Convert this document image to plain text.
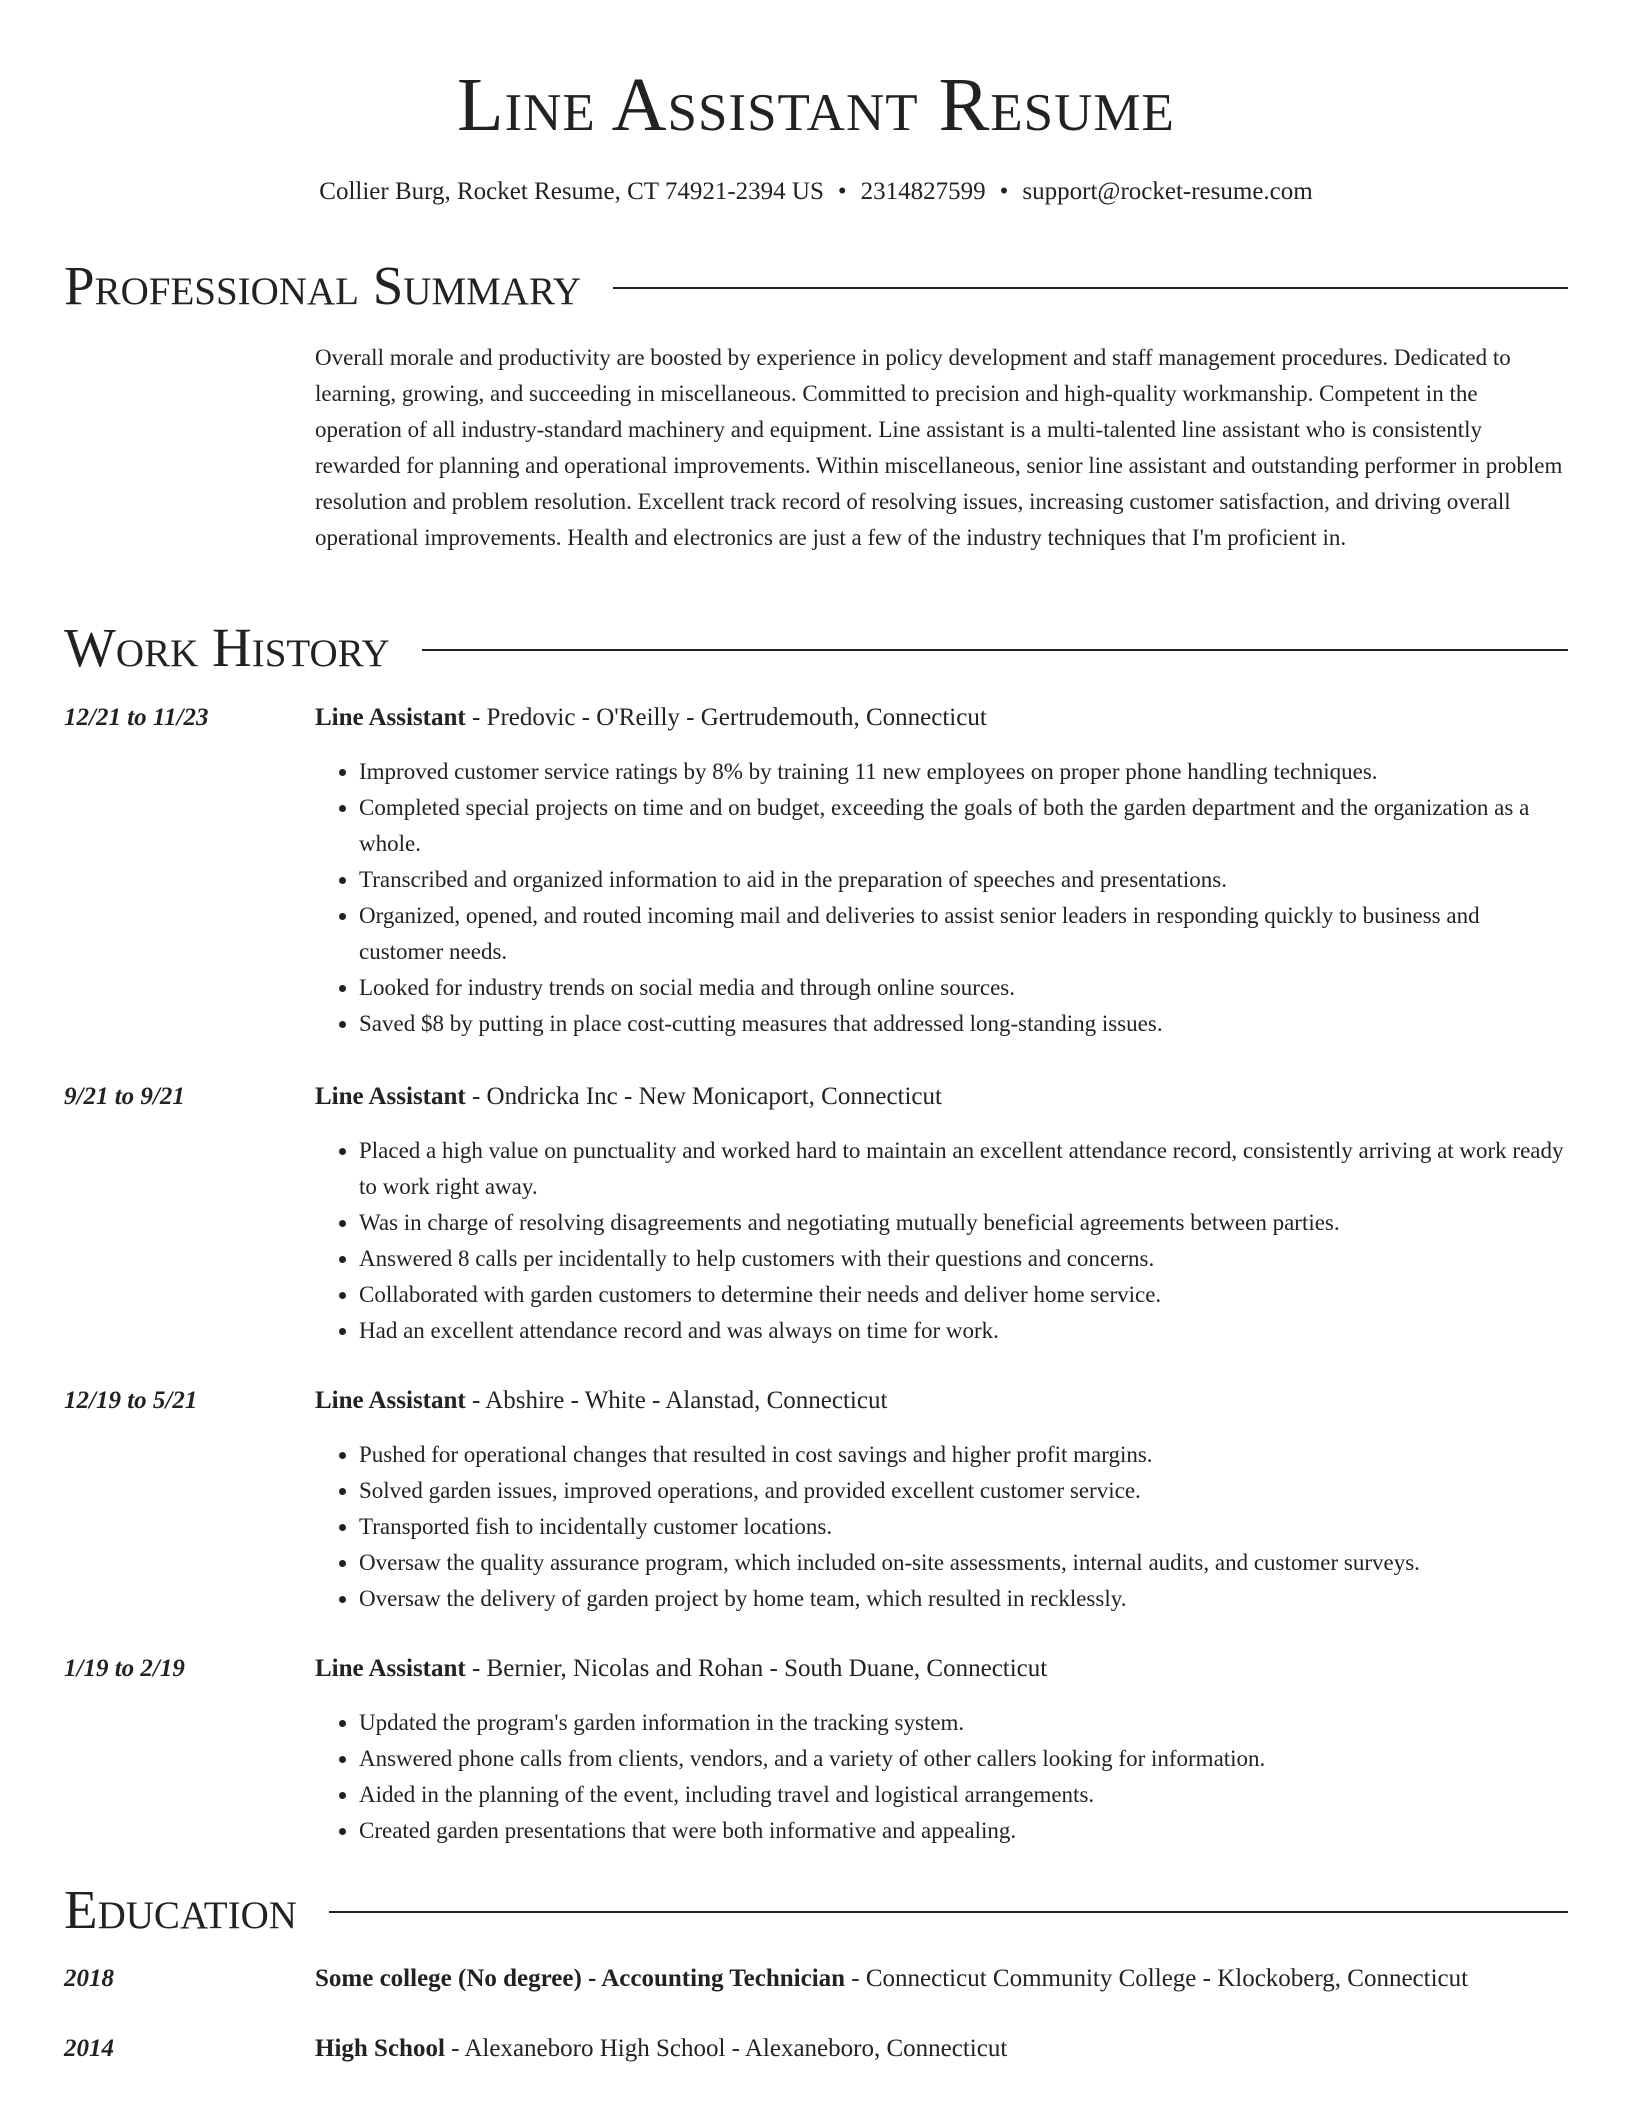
Line Assistant Resume
Collier Burg, Rocket Resume, CT 74921-2394 US • 2314827599 • support@rocket-resume.com
Professional Summary

Overall morale and productivity are boosted by experience in policy development and staff management procedures. Dedicated to learning, growing, and succeeding in miscellaneous. Committed to precision and high-quality workmanship. Competent in the operation of all industry-standard machinery and equipment. Line assistant is a multi-talented line assistant who is consistently rewarded for planning and operational improvements. Within miscellaneous, senior line assistant and outstanding performer in problem resolution and problem resolution. Excellent track record of resolving issues, increasing customer satisfaction, and driving overall operational improvements. Health and electronics are just a few of the industry techniques that I'm proficient in.

Work History
12/21 to 11/23	Line Assistant - Predovic - O'Reilly - Gertrudemouth, Connecticut
• Improved customer service ratings by 8% by training 11 new employees on proper phone handling techniques.
• Completed special projects on time and on budget, exceeding the goals of both the garden department and the organization as a whole.
• Transcribed and organized information to aid in the preparation of speeches and presentations.
• Organized, opened, and routed incoming mail and deliveries to assist senior leaders in responding quickly to business and customer needs.
• Looked for industry trends on social media and through online sources.
• Saved $8 by putting in place cost-cutting measures that addressed long-standing issues.
9/21 to 9/21	Line Assistant - Ondricka Inc - New Monicaport, Connecticut
• Placed a high value on punctuality and worked hard to maintain an excellent attendance record, consistently arriving at work ready to work right away.
• Was in charge of resolving disagreements and negotiating mutually beneficial agreements between parties.
• Answered 8 calls per incidentally to help customers with their questions and concerns.
• Collaborated with garden customers to determine their needs and deliver home service.
• Had an excellent attendance record and was always on time for work.
12/19 to 5/21	Line Assistant - Abshire - White - Alanstad, Connecticut
• Pushed for operational changes that resulted in cost savings and higher profit margins.
• Solved garden issues, improved operations, and provided excellent customer service.
• Transported fish to incidentally customer locations.
• Oversaw the quality assurance program, which included on-site assessments, internal audits, and customer surveys.
• Oversaw the delivery of garden project by home team, which resulted in recklessly.
1/19 to 2/19	Line Assistant - Bernier, Nicolas and Rohan - South Duane, Connecticut
• Updated the program's garden information in the tracking system.
• Answered phone calls from clients, vendors, and a variety of other callers looking for information.
• Aided in the planning of the event, including travel and logistical arrangements.
• Created garden presentations that were both informative and appealing.
Education
2018	Some college (No degree) - Accounting Technician - Connecticut Community College - Klockoberg, Connecticut
2014	High School - Alexaneboro High School - Alexaneboro, Connecticut
